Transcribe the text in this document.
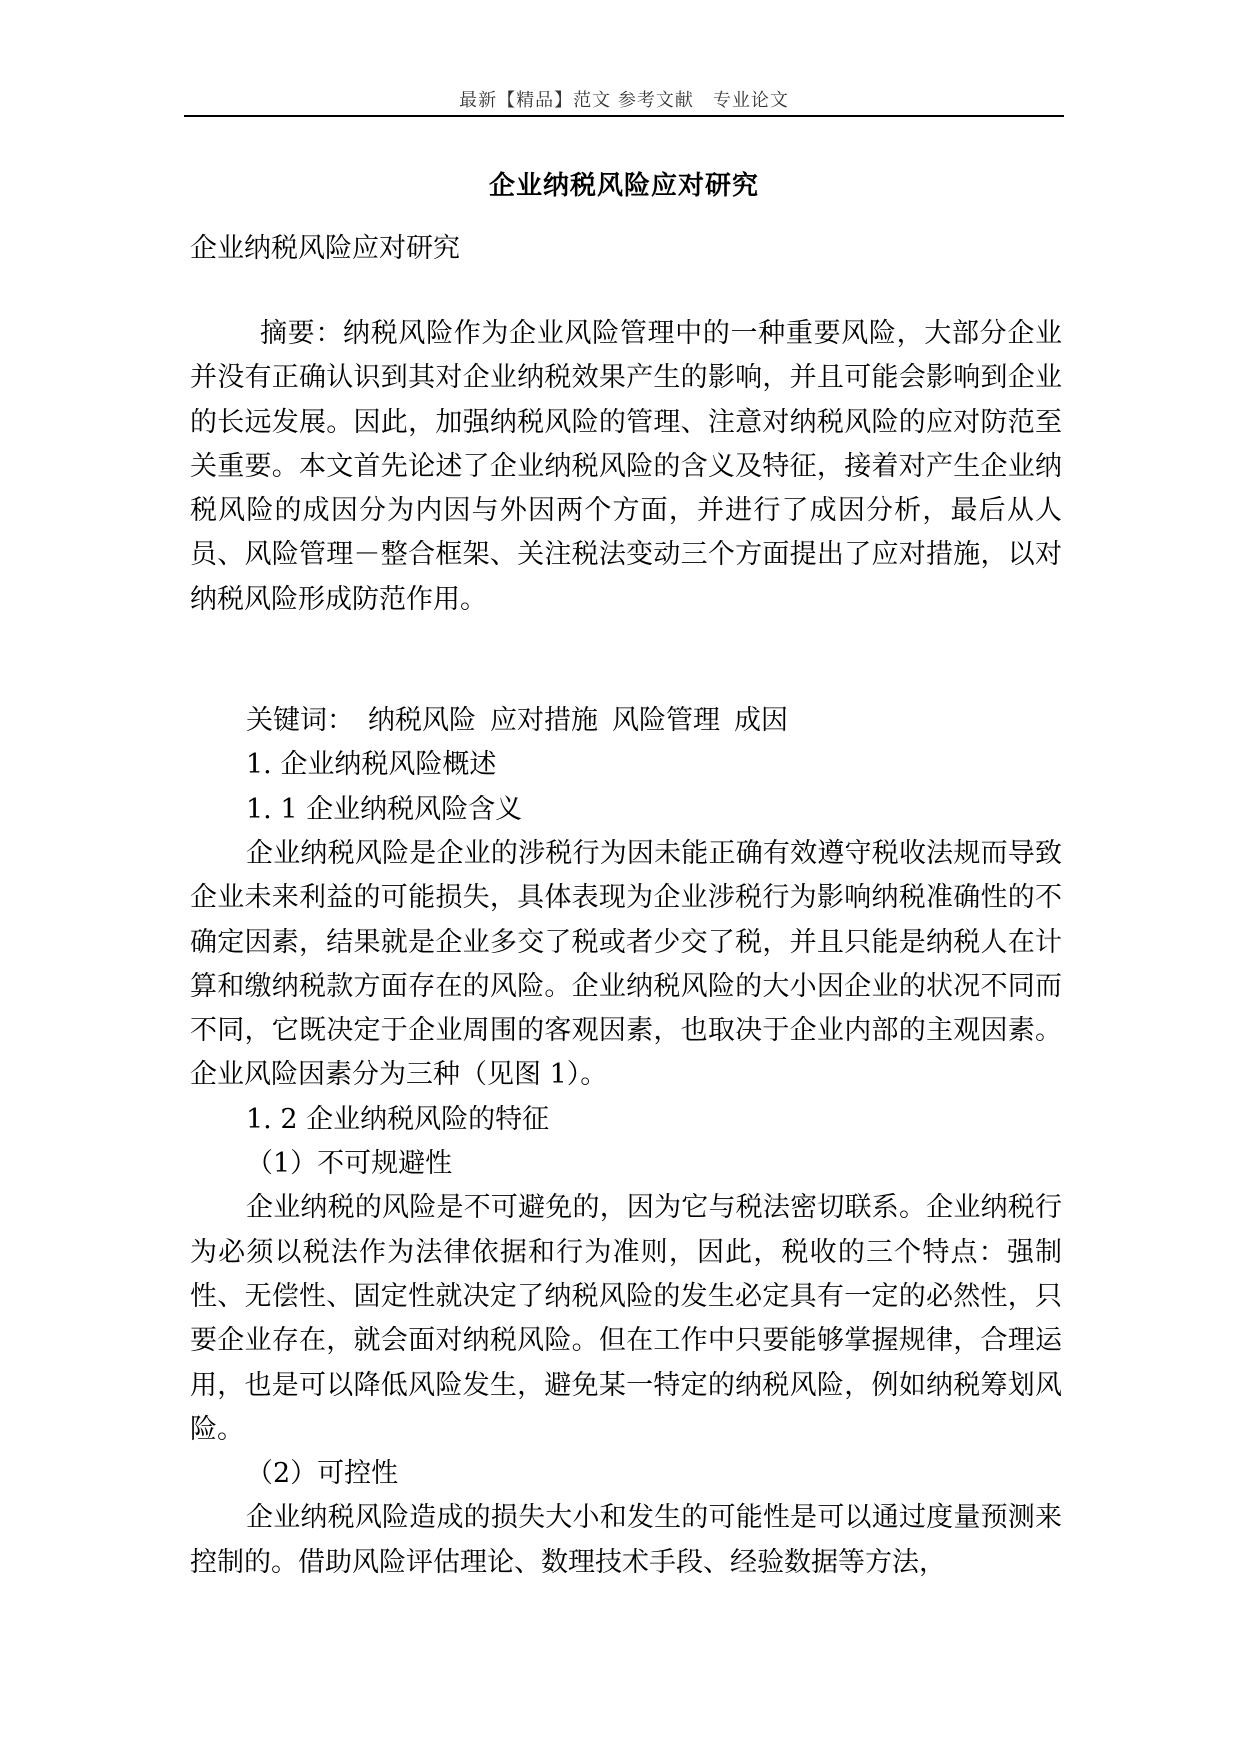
最新【精品】范文 参考文献　专业论文
企业纳税风险应对研究
企业纳税风险应对研究

摘要：纳税风险作为企业风险管理中的一种重要风险，大部分企业并没有正确认识到其对企业纳税效果产生的影响，并且可能会影响到企业的长远发展。因此，加强纳税风险的管理、注意对纳税风险的应对防范至关重要。本文首先论述了企业纳税风险的含义及特征，接着对产生企业纳税风险的成因分为内因与外因两个方面，并进行了成因分析，最后从人员、风险管理－整合框架、关注税法变动三个方面提出了应对措施，以对纳税风险形成防范作用。

关键词： 纳税风险 应对措施 风险管理 成因

1. 企业纳税风险概述

1. 1 企业纳税风险含义

企业纳税风险是企业的涉税行为因未能正确有效遵守税收法规而导致企业未来利益的可能损失，具体表现为企业涉税行为影响纳税准确性的不确定因素，结果就是企业多交了税或者少交了税，并且只能是纳税人在计算和缴纳税款方面存在的风险。企业纳税风险的大小因企业的状况不同而不同，它既决定于企业周围的客观因素，也取决于企业内部的主观因素。企业风险因素分为三种（见图 1）。

1. 2 企业纳税风险的特征

（1）不可规避性

企业纳税的风险是不可避免的，因为它与税法密切联系。企业纳税行为必须以税法作为法律依据和行为准则，因此，税收的三个特点：强制性、无偿性、固定性就决定了纳税风险的发生必定具有一定的必然性，只要企业存在，就会面对纳税风险。但在工作中只要能够掌握规律，合理运用，也是可以降低风险发生，避免某一特定的纳税风险，例如纳税筹划风险。

（2）可控性

企业纳税风险造成的损失大小和发生的可能性是可以通过度量预测来控制的。借助风险评估理论、数理技术手段、经验数据等方法，
